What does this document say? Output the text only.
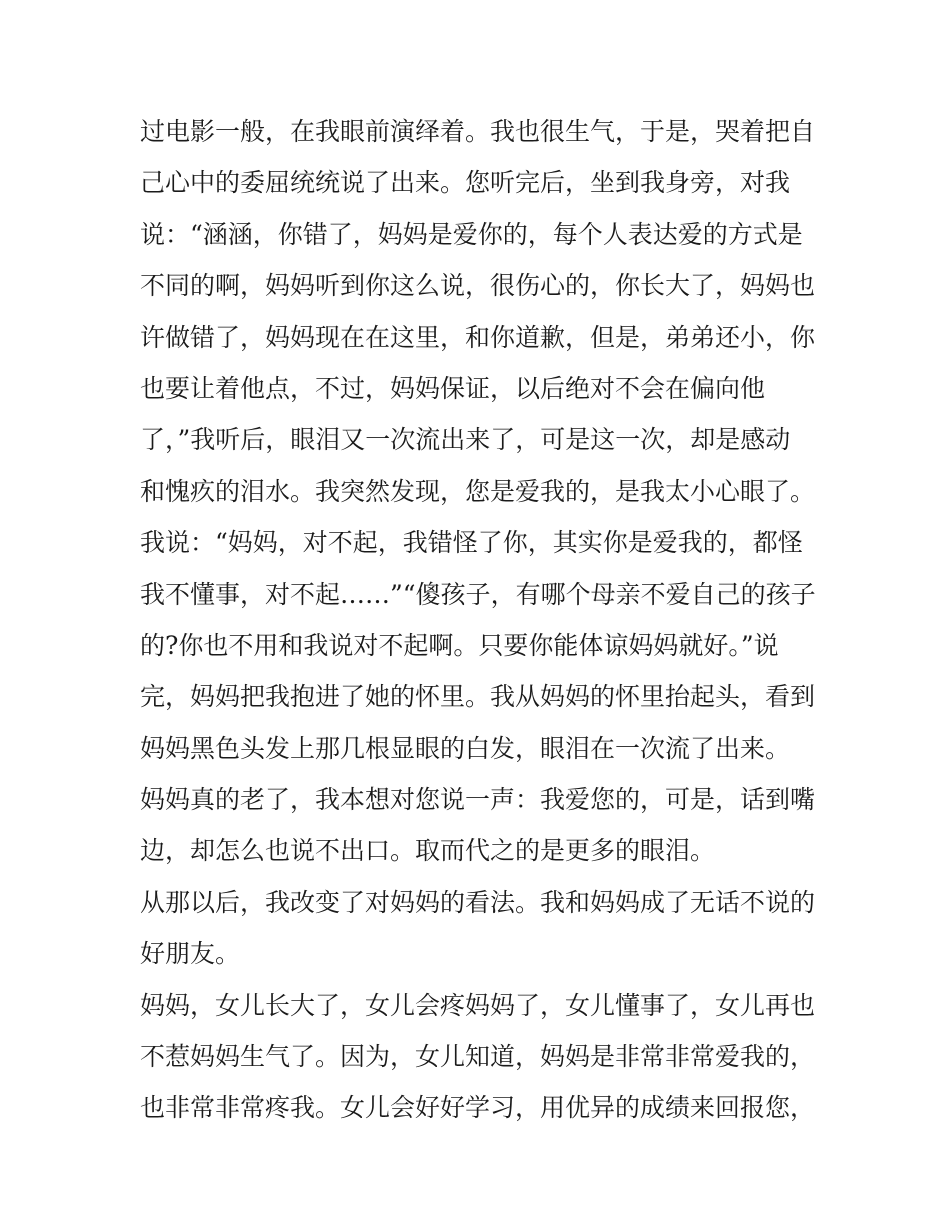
过电影一般，在我眼前演绎着。我也很生气，于是，哭着把自
己心中的委屈统统说了出来。您听完后，坐到我身旁，对我
说：“涵涵，你错了，妈妈是爱你的，每个人表达爱的方式是
不同的啊，妈妈听到你这么说，很伤心的，你长大了，妈妈也
许做错了，妈妈现在在这里，和你道歉，但是，弟弟还小，你
也要让着他点，不过，妈妈保证，以后绝对不会在偏向他
了，”我听后，眼泪又一次流出来了，可是这一次，却是感动
和愧疚的泪水。我突然发现，您是爱我的，是我太小心眼了。
我说：“妈妈，对不起，我错怪了你，其实你是爱我的，都怪
我不懂事，对不起……”“傻孩子，有哪个母亲不爱自己的孩子
的?你也不用和我说对不起啊。只要你能体谅妈妈就好。”说
完，妈妈把我抱进了她的怀里。我从妈妈的怀里抬起头，看到
妈妈黑色头发上那几根显眼的白发，眼泪在一次流了出来。
妈妈真的老了，我本想对您说一声：我爱您的，可是，话到嘴
边，却怎么也说不出口。取而代之的是更多的眼泪。
从那以后，我改变了对妈妈的看法。我和妈妈成了无话不说的
好朋友。
妈妈，女儿长大了，女儿会疼妈妈了，女儿懂事了，女儿再也
不惹妈妈生气了。因为，女儿知道，妈妈是非常非常爱我的，
也非常非常疼我。女儿会好好学习，用优异的成绩来回报您，
